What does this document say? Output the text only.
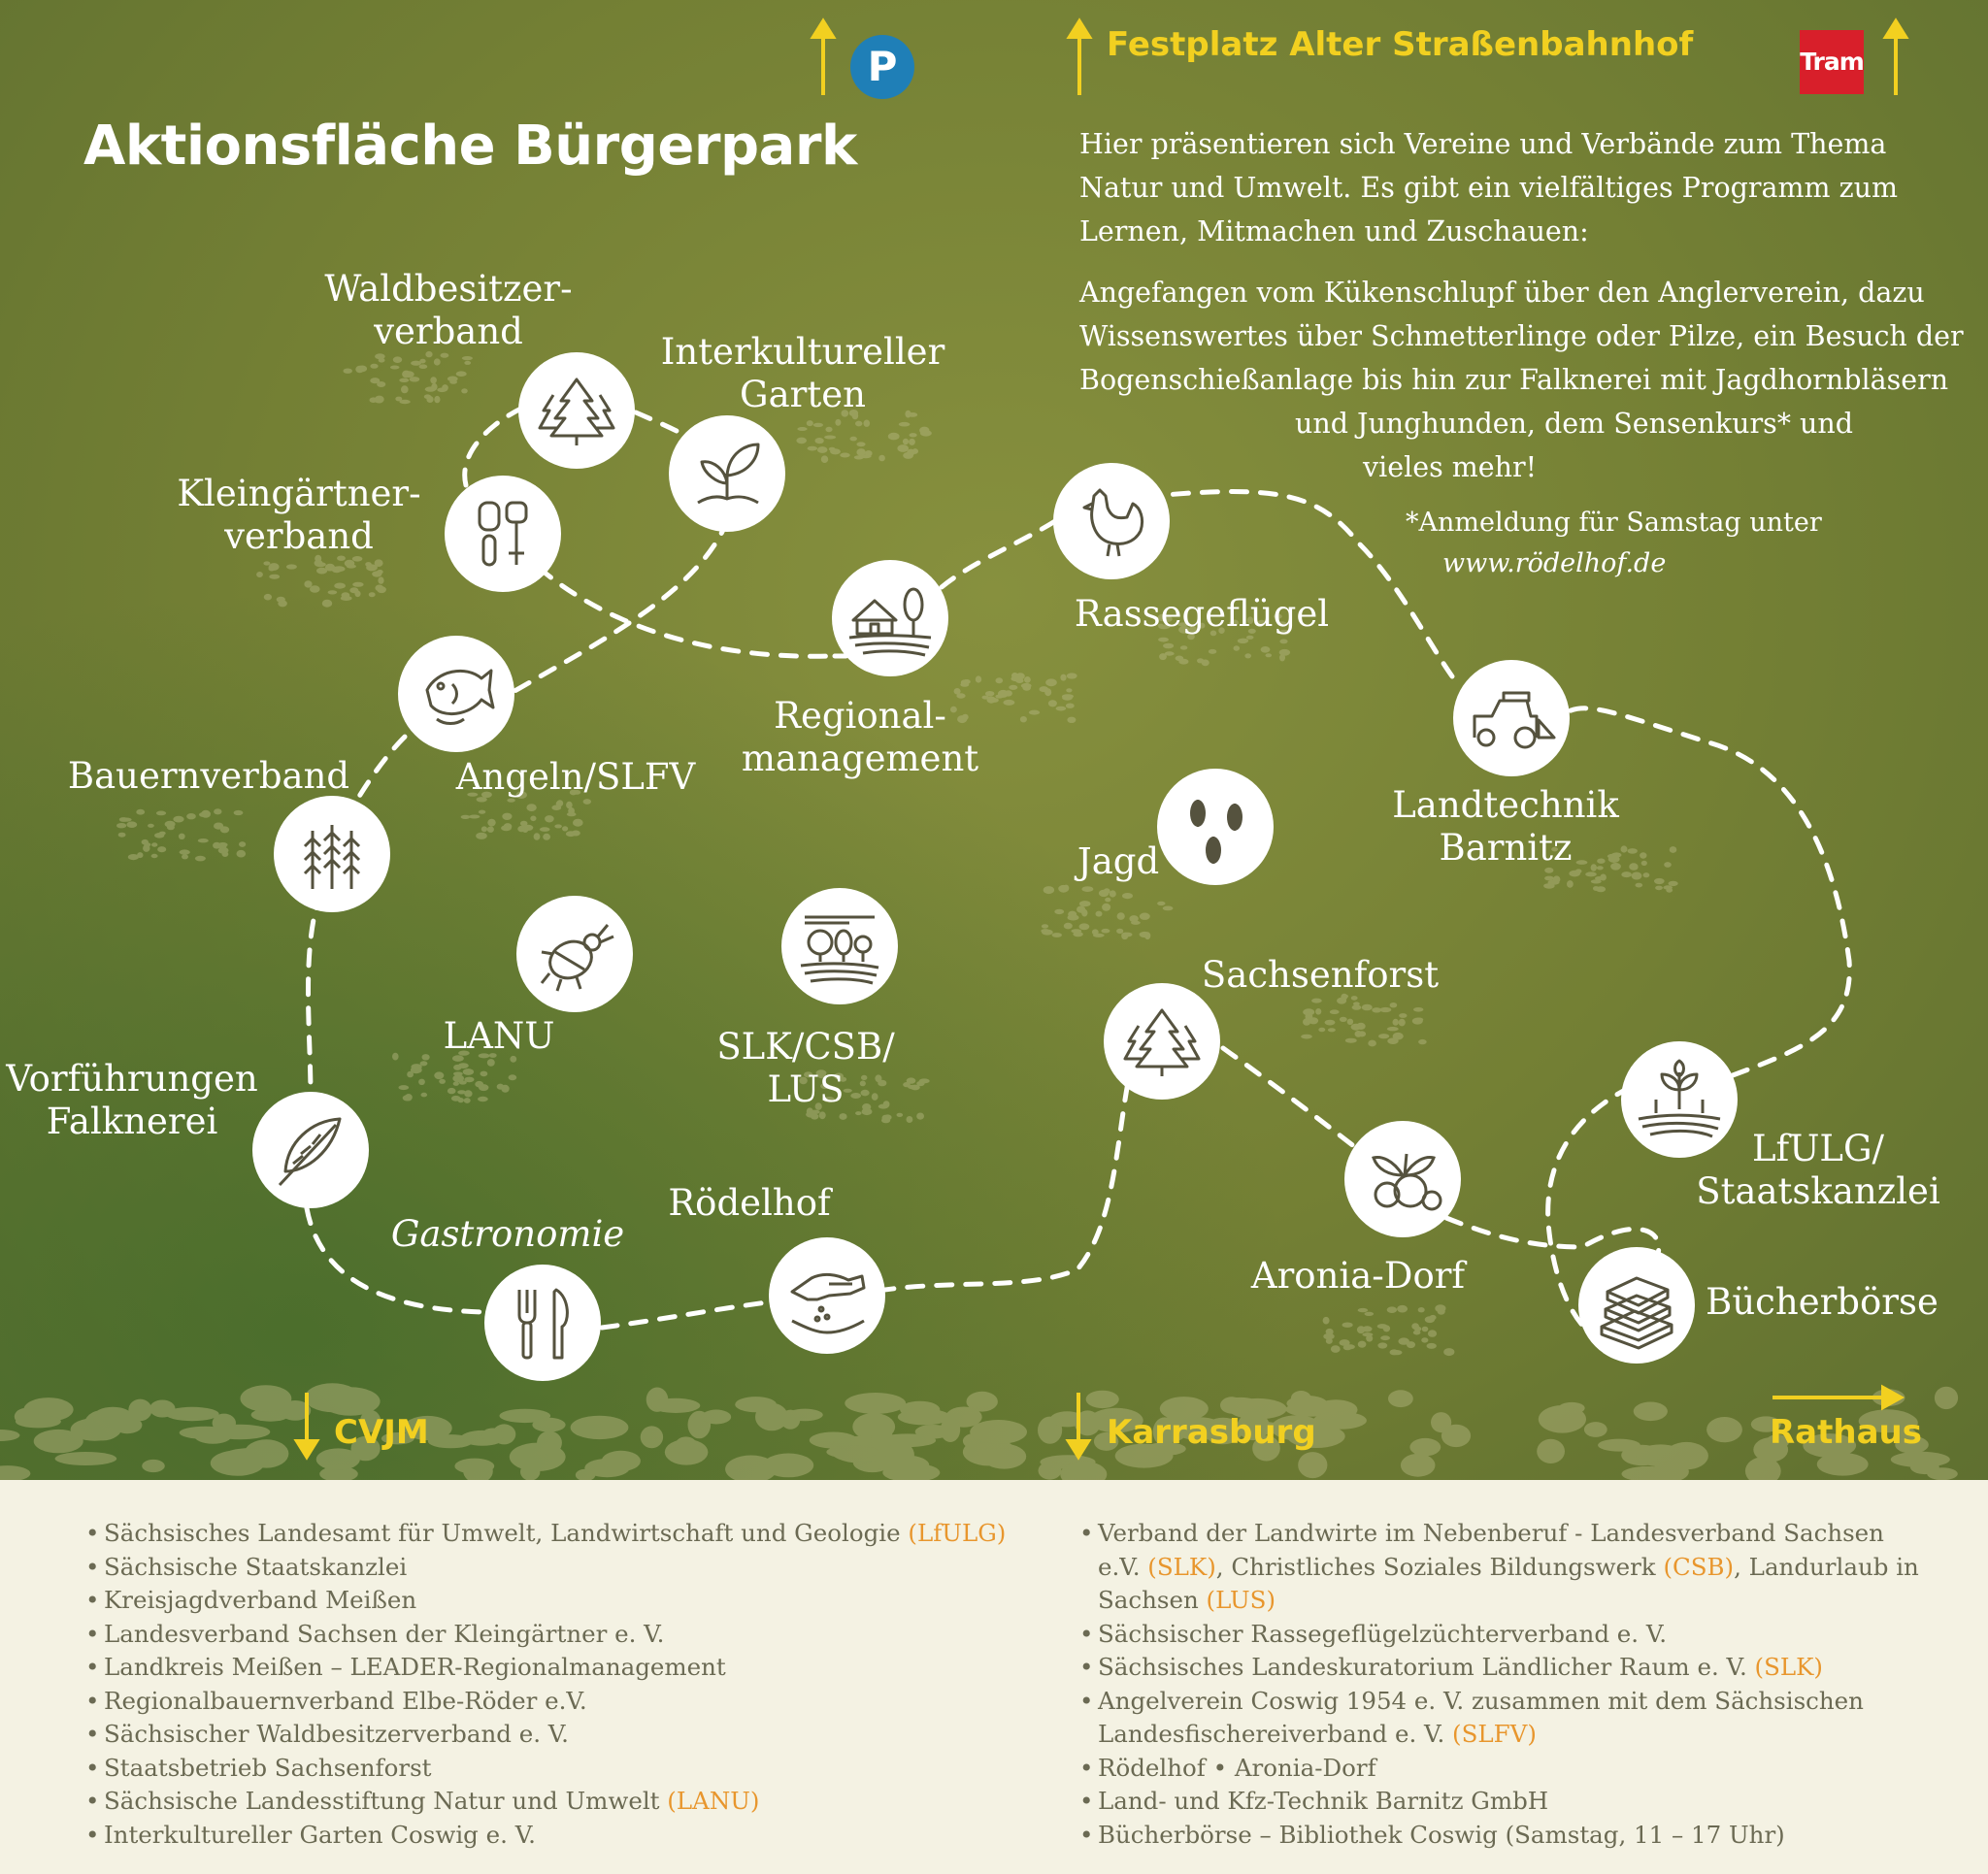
Aktionsfläche Bürgerpark
P	Tram
Festplatz Alter Straßenbahnhof

Hier präsentieren sich Vereine und Verbände zum Thema
Natur und Umwelt. Es gibt ein vielfältiges Programm zum
Lernen, Mitmachen und Zuschauen:

Angefangen vom Kükenschlupf über den Anglerverein, dazu
Wissenswertes über Schmetterlinge oder Pilze, ein Besuch der
Bogenschießanlage bis hin zur Falknerei mit Jagdhornbläsern
und Junghunden, dem Sensenkurs* und
vieles mehr!

*Anmeldung für Samstag unter
www.rödelhof.de
Waldbesitzer-
verband	Interkultureller
Garten
Kleingärtner-
verband
Rassegeflügel
Regional-
management
Angeln/SLFV
Bauernverband
Landtechnik
Barnitz
Jagd
LANU	SLK/CSB/
LUS
Sachsenforst
Vorführungen
Falknerei
Gastronomie
Rödelhof
Aronia-Dorf
LfULG/
Staatskanzlei
Bücherbörse
CVJM	Karrasburg	Rathaus
• Sächsisches Landesamt für Umwelt, Landwirtschaft und Geologie (LfULG)
• Sächsische Staatskanzlei
• Kreisjagdverband Meißen
• Landesverband Sachsen der Kleingärtner e. V.
• Landkreis Meißen – LEADER-Regionalmanagement
• Regionalbauernverband Elbe-Röder e.V.
• Sächsischer Waldbesitzerverband e. V.
• Staatsbetrieb Sachsenforst
• Sächsische Landesstiftung Natur und Umwelt (LANU)
• Interkultureller Garten Coswig e. V.
• Verband der Landwirte im Nebenberuf - Landesverband Sachsen
e.V. (SLK), Christliches Soziales Bildungswerk (CSB), Landurlaub in
Sachsen (LUS)
• Sächsischer Rassegeflügelzüchterverband e. V.
• Sächsisches Landeskuratorium Ländlicher Raum e. V. (SLK)
• Angelverein Coswig 1954 e. V. zusammen mit dem Sächsischen
Landesfischereiverband e. V. (SLFV)
• Rödelhof • Aronia-Dorf
• Land- und Kfz-Technik Barnitz GmbH
• Bücherbörse – Bibliothek Coswig (Samstag, 11 – 17 Uhr)
